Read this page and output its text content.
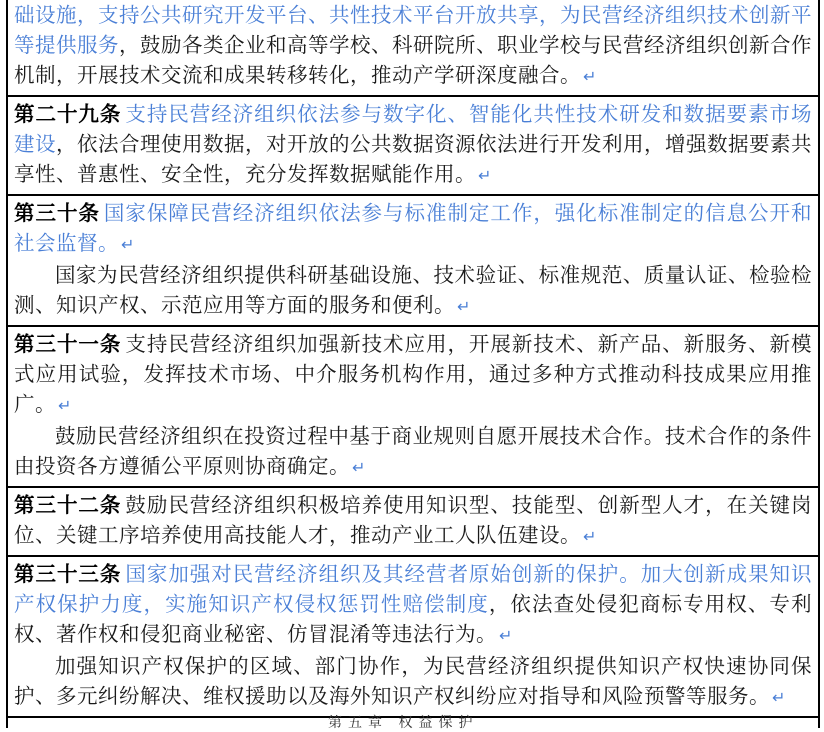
础设施，支持公共研究开发平台、共性技术平台开放共享，为民营经济组织技术创新平等提供服务，鼓励各类企业和高等学校、科研院所、职业学校与民营经济组织创新合作机制，开展技术交流和成果转移转化，推动产学研深度融合。 ↵

第二十九条 支持民营经济组织依法参与数字化、智能化共性技术研发和数据要素市场建设，依法合理使用数据，对开放的公共数据资源依法进行开发利用，增强数据要素共享性、普惠性、安全性，充分发挥数据赋能作用。 ↵

第三十条 国家保障民营经济组织依法参与标准制定工作，强化标准制定的信息公开和社会监督。 ↵

国家为民营经济组织提供科研基础设施、技术验证、标准规范、质量认证、检验检测、知识产权、示范应用等方面的服务和便利。 ↵

第三十一条 支持民营经济组织加强新技术应用，开展新技术、新产品、新服务、新模式应用试验，发挥技术市场、中介服务机构作用，通过多种方式推动科技成果应用推广。 ↵

鼓励民营经济组织在投资过程中基于商业规则自愿开展技术合作。技术合作的条件由投资各方遵循公平原则协商确定。 ↵

第三十二条 鼓励民营经济组织积极培养使用知识型、技能型、创新型人才，在关键岗位、关键工序培养使用高技能人才，推动产业工人队伍建设。 ↵

第三十三条 国家加强对民营经济组织及其经营者原始创新的保护。加大创新成果知识产权保护力度，实施知识产权侵权惩罚性赔偿制度，依法查处侵犯商标专用权、专利权、著作权和侵犯商业秘密、仿冒混淆等违法行为。 ↵

加强知识产权保护的区域、部门协作，为民营经济组织提供知识产权快速协同保护、多元纠纷解决、维权援助以及海外知识产权纠纷应对指导和风险预警等服务。 ↵

第五章 权益保护
